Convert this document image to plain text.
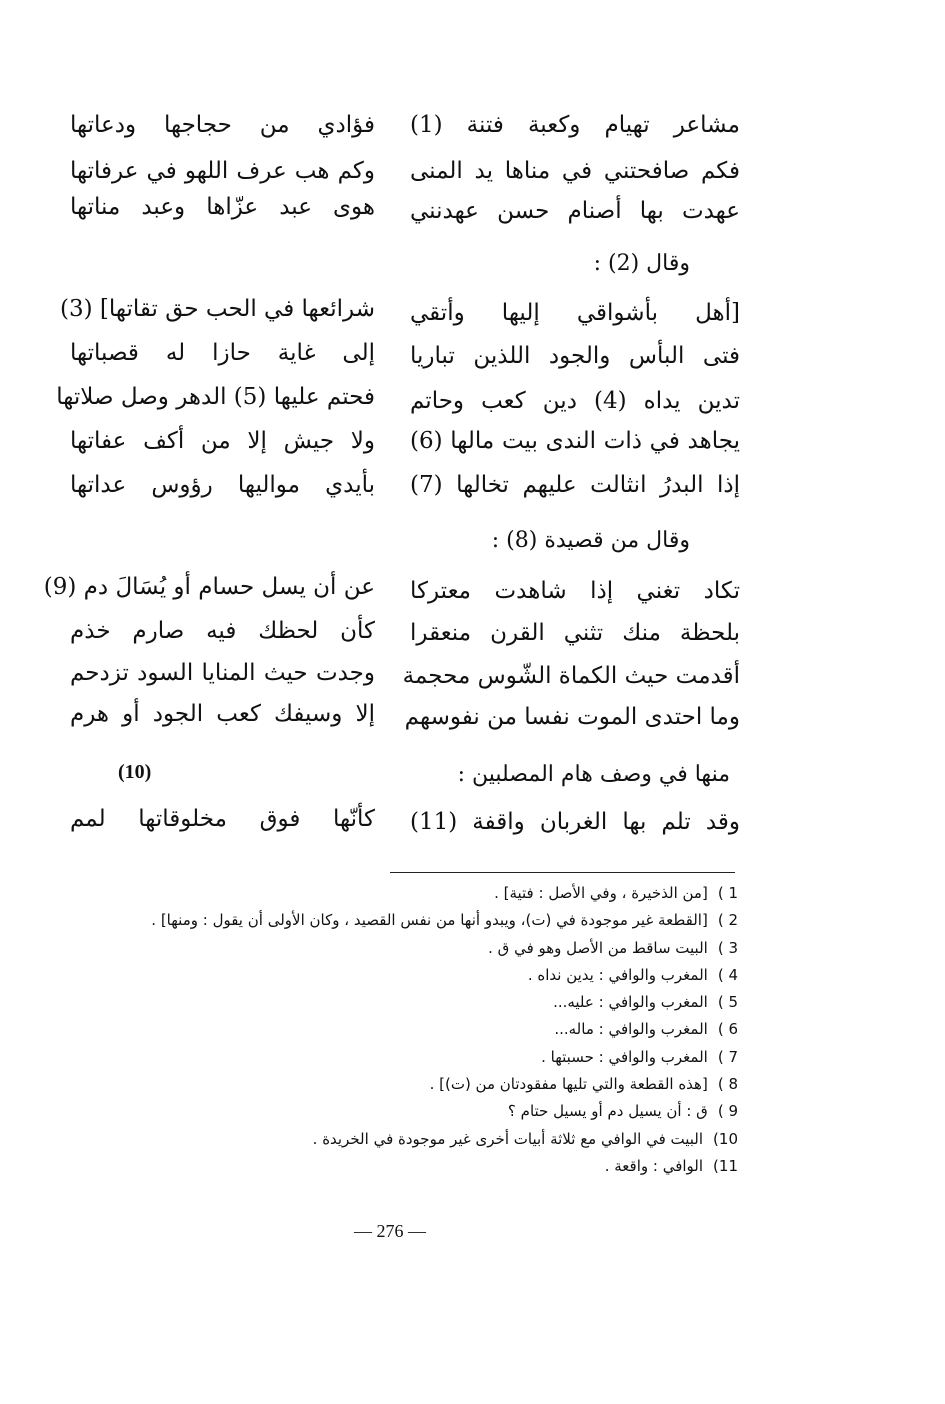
مشاعر تهيام وكعبة فتنة (1)
فؤادي من حجاجها ودعاتها
فكم صافحتني في مناها يد المنى
وكم هب عرف اللهو في عرفاتها
عهدت بها أصنام حسن عهدنني
هوى عبد عزّاها وعبد مناتها
وقال (2) :
[أهل بأشواقي إليها وأتقي
شرائعها في الحب حق تقاتها] (3)
فتى البأس والجود اللذين تباريا
إلى غاية حازا له قصباتها
تدين يداه (4) دين كعب وحاتم
فحتم عليها (5) الدهر وصل صلاتها
يجاهد في ذات الندى بيت مالها (6)
ولا جيش إلا من أكف عفاتها
إذا البدرُ انثالت عليهم تخالها (7)
بأيدي مواليها رؤوس عداتها
وقال من قصيدة (8) :
تكاد تغني إذا شاهدت معتركا
عن أن يسل حسام أو يُسَالَ دم (9)
بلحظة منك تثني القرن منعقرا
كأن لحظك فيه صارم خذم
أقدمت حيث الكماة الشّوس محجمة
وجدت حيث المنايا السود تزدحم
وما احتدى الموت نفسا من نفوسهم
إلا وسيفك كعب الجود أو هرم
منها في وصف هام المصلبين :
(10)
وقد تلم بها الغربان واقفة (11)
كأنّها فوق مخلوقاتها لمم
1 )[من الذخيرة ، وفي الأصل : فتية] .
2 )[القطعة غير موجودة في (ت)، ويبدو أنها من نفس القصيد ، وكان الأولى أن يقول : ومنها] .
3 )البيت ساقط من الأصل وهو في ق .
4 )المغرب والوافي : يدين نداه .
5 )المغرب والوافي : عليه...
6 )المغرب والوافي : ماله...
7 )المغرب والوافي : حسبتها .
8 )[هذه القطعة والتي تليها مفقودتان من (ت)] .
9 )ق : أن يسيل دم أو يسيل حتام ؟
10)البيت في الوافي مع ثلاثة أبيات أخرى غير موجودة في الخريدة .
11)الوافي : واقعة .
— 276 —
